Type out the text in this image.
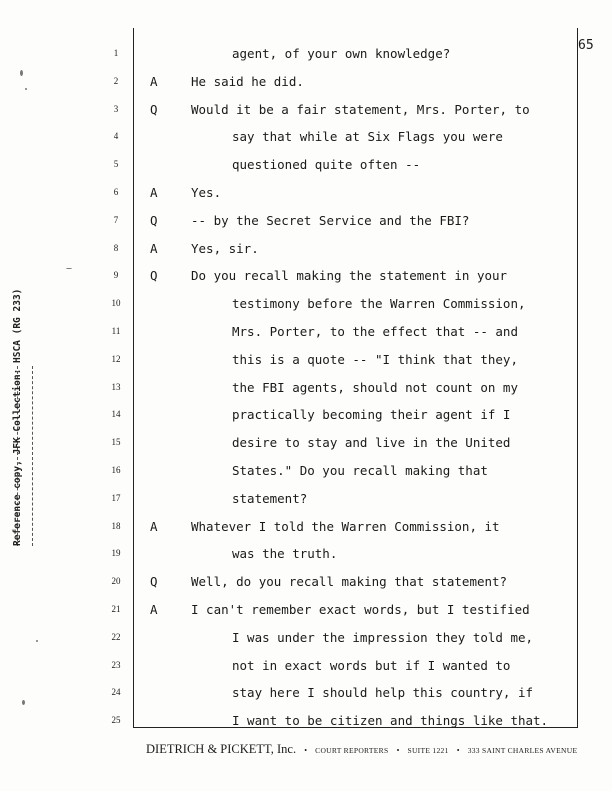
65
Reference copy, JFK Collection: HSCA (RG 233)
1	agent, of your own knowledge?
2	A	He said he did.
3	Q	Would it be a fair statement, Mrs. Porter, to
4	say that while at Six Flags you were
5	questioned quite often --
6	A	Yes.
7	Q	-- by the Secret Service and the FBI?
8	A	Yes, sir.
9	Q	Do you recall making the statement in your
10	testimony before the Warren Commission,
11	Mrs. Porter, to the effect that -- and
12	this is a quote -- "I think that they,
13	the FBI agents, should not count on my
14	practically becoming their agent if I
15	desire to stay and live in the United
16	States." Do you recall making that
17	statement?
18	A	Whatever I told the Warren Commission, it
19	was the truth.
20	Q	Well, do you recall making that statement?
21	A	I can't remember exact words, but I testified
22	I was under the impression they told me,
23	not in exact words but if I wanted to
24	stay here I should help this country, if
25	I want to be citizen and things like that.
DIETRICH & PICKETT, Inc. • COURT REPORTERS • SUITE 1221 • 333 SAINT CHARLES AVENUE
